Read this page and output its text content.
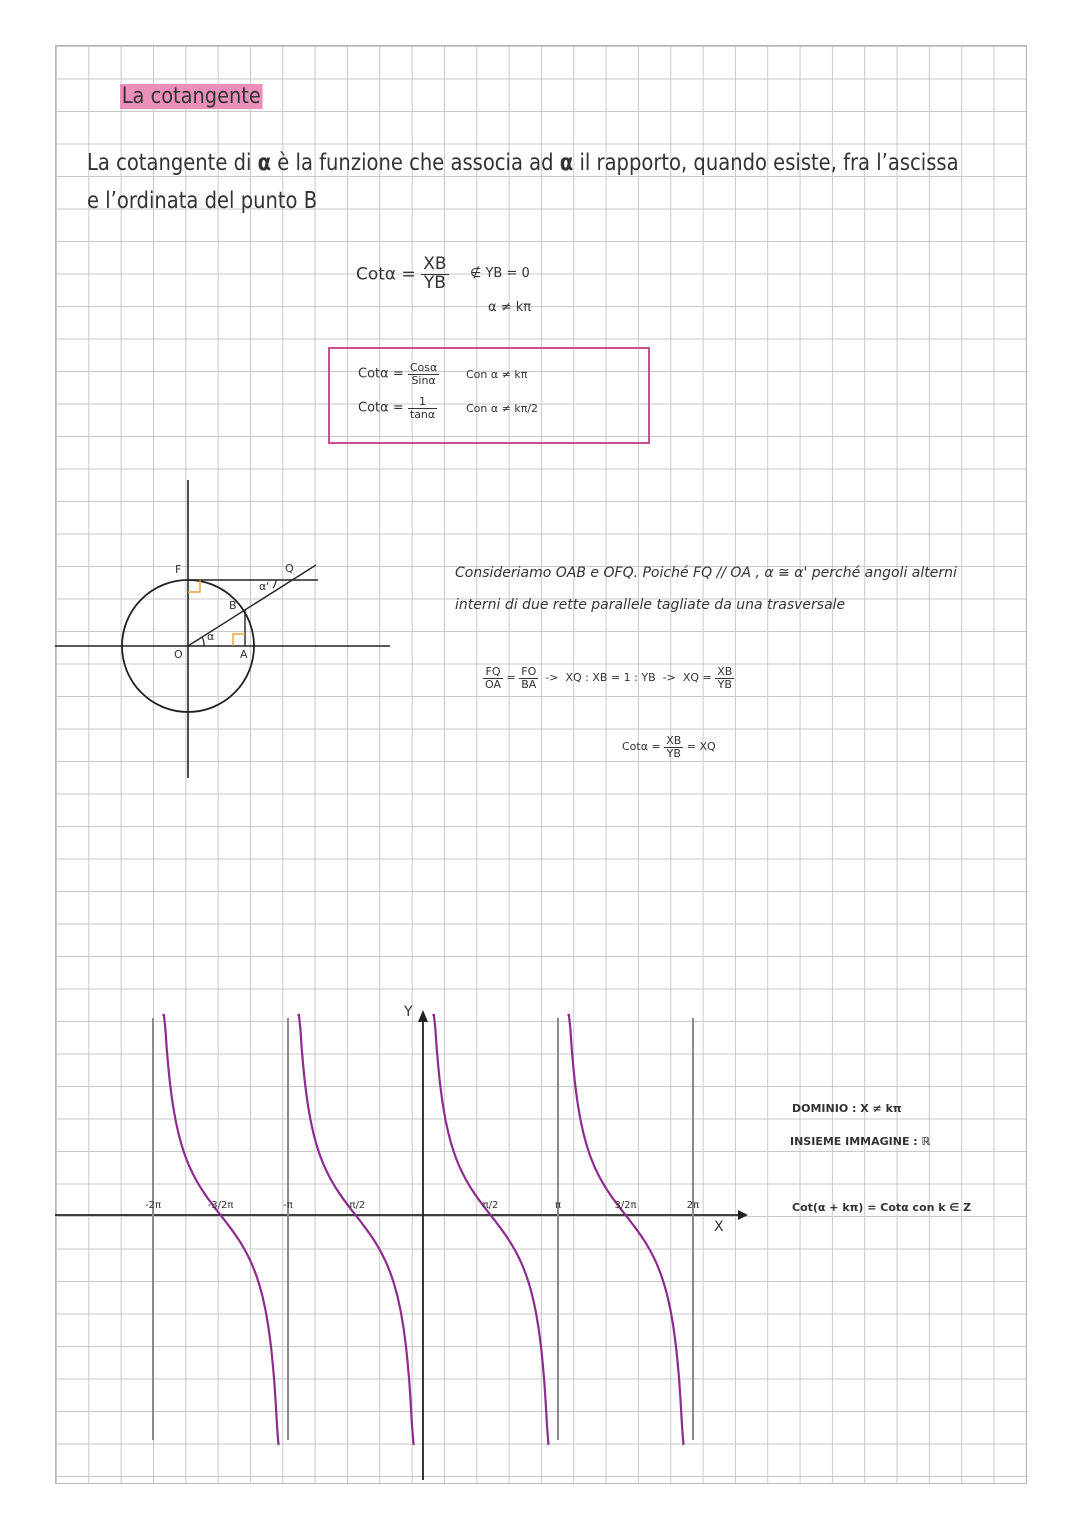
La cotangente
La cotangente di α è la funzione che associa ad α il rapporto, quando esiste, fra l’ascissa
e l’ordinata del punto B
$Cot\alpha = \frac{XB}{YB}$ ∉ YB = 0
α ≠ kπ
$Cot\alpha = \frac{\text{Cosα}}{\text{Sinα}}$ Con α ≠ kπ
$Cot\alpha = \frac{1}{\tan\alpha}$	Con α ≠ kπ/2
F	Q
B
O	A
α
α'
Consideriamo OAB e OFQ. Poiché FQ // OA , α ≅ α' perché angoli alterni
interni di due rette parallele tagliate da una trasversale
$\frac{FQ}{OA} = \frac{FO}{BA}$ -> XQ : XB = 1 : YB -> XQ = $\frac{XB}{YB}$
$Cot\alpha = \frac{XB}{YB}$ = XQ
-2π	-3/2π	-π	-π/2	π/2	π	3/2π	2π
Y
X
DOMINIO : X ≠ kπ
INSIEME IMMAGINE : ℝ
Cot(α + kπ) = Cotα con k ∈ Z
